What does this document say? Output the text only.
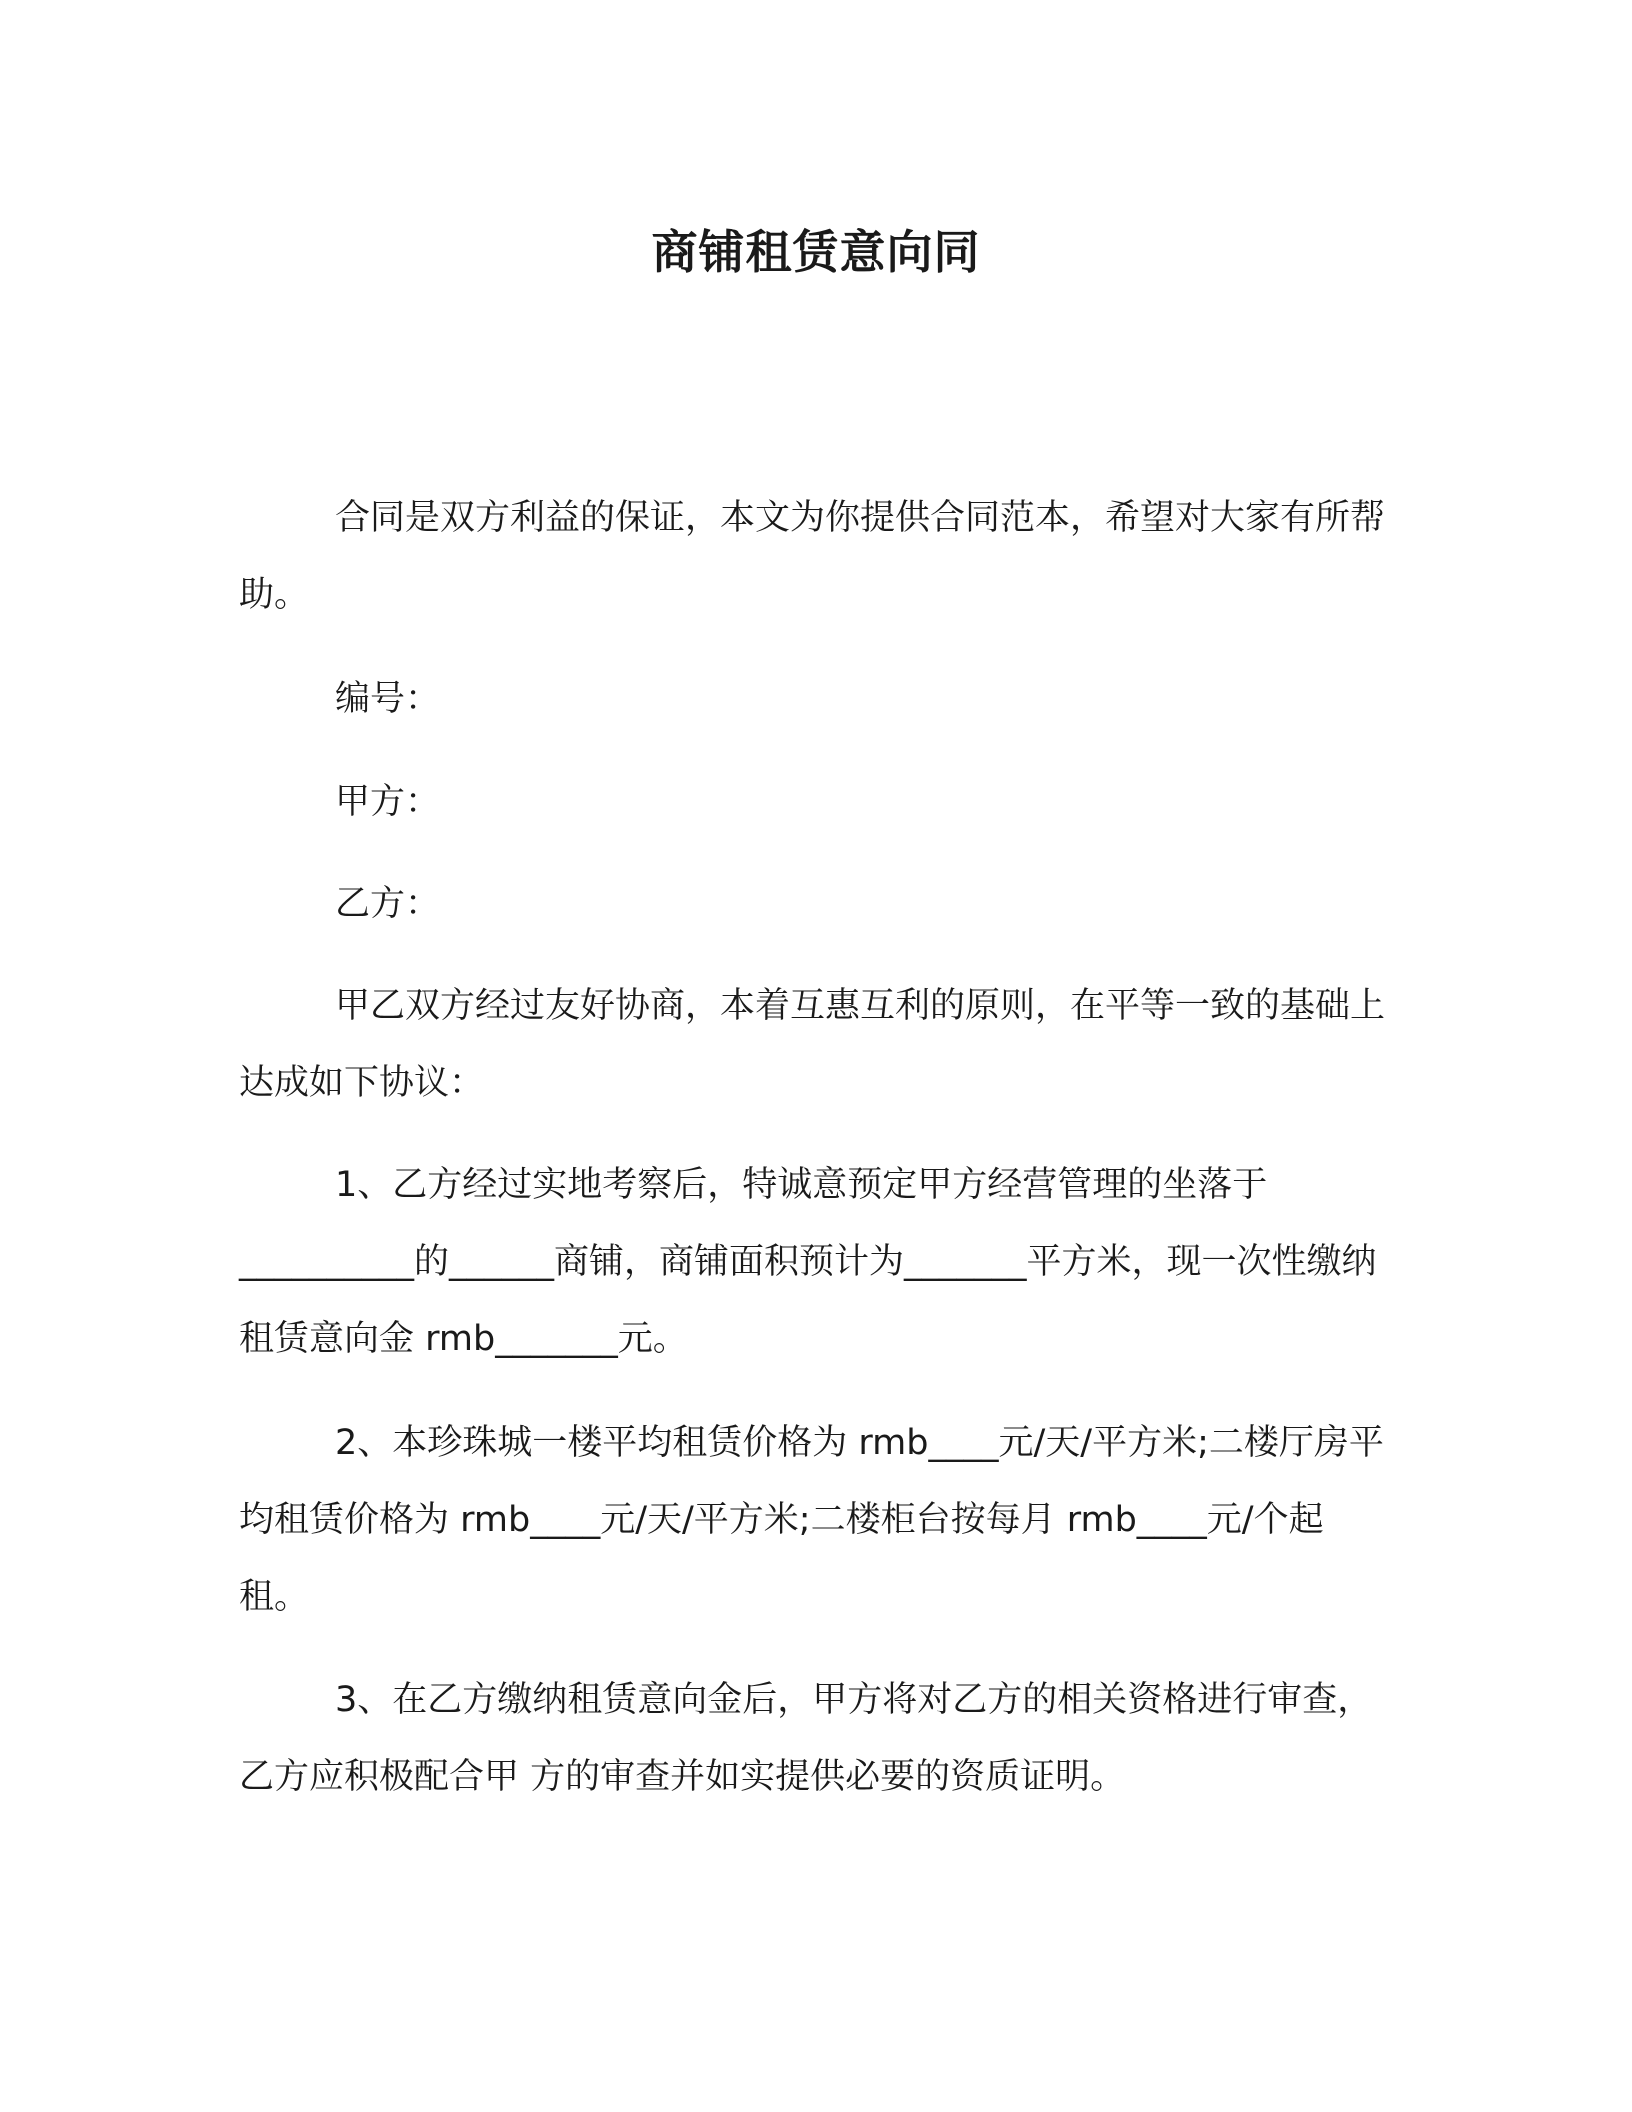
商铺租赁意向同

合同是双方利益的保证，本文为你提供合同范本，希望对大家有所帮助。

编号：

甲方：

乙方：

甲乙双方经过友好协商，本着互惠互利的原则，在平等一致的基础上达成如下协议：

1、乙方经过实地考察后，特诚意预定甲方经营管理的坐落于__________的______商铺，商铺面积预计为_______平方米，现一次性缴纳租赁意向金 rmb_______元。

2、本珍珠城一楼平均租赁价格为 rmb____元/天/平方米;二楼厅房平均租赁价格为 rmb____元/天/平方米;二楼柜台按每月 rmb____元/个起租。

3、在乙方缴纳租赁意向金后，甲方将对乙方的相关资格进行审查，乙方应积极配合甲 方的审查并如实提供必要的资质证明。
